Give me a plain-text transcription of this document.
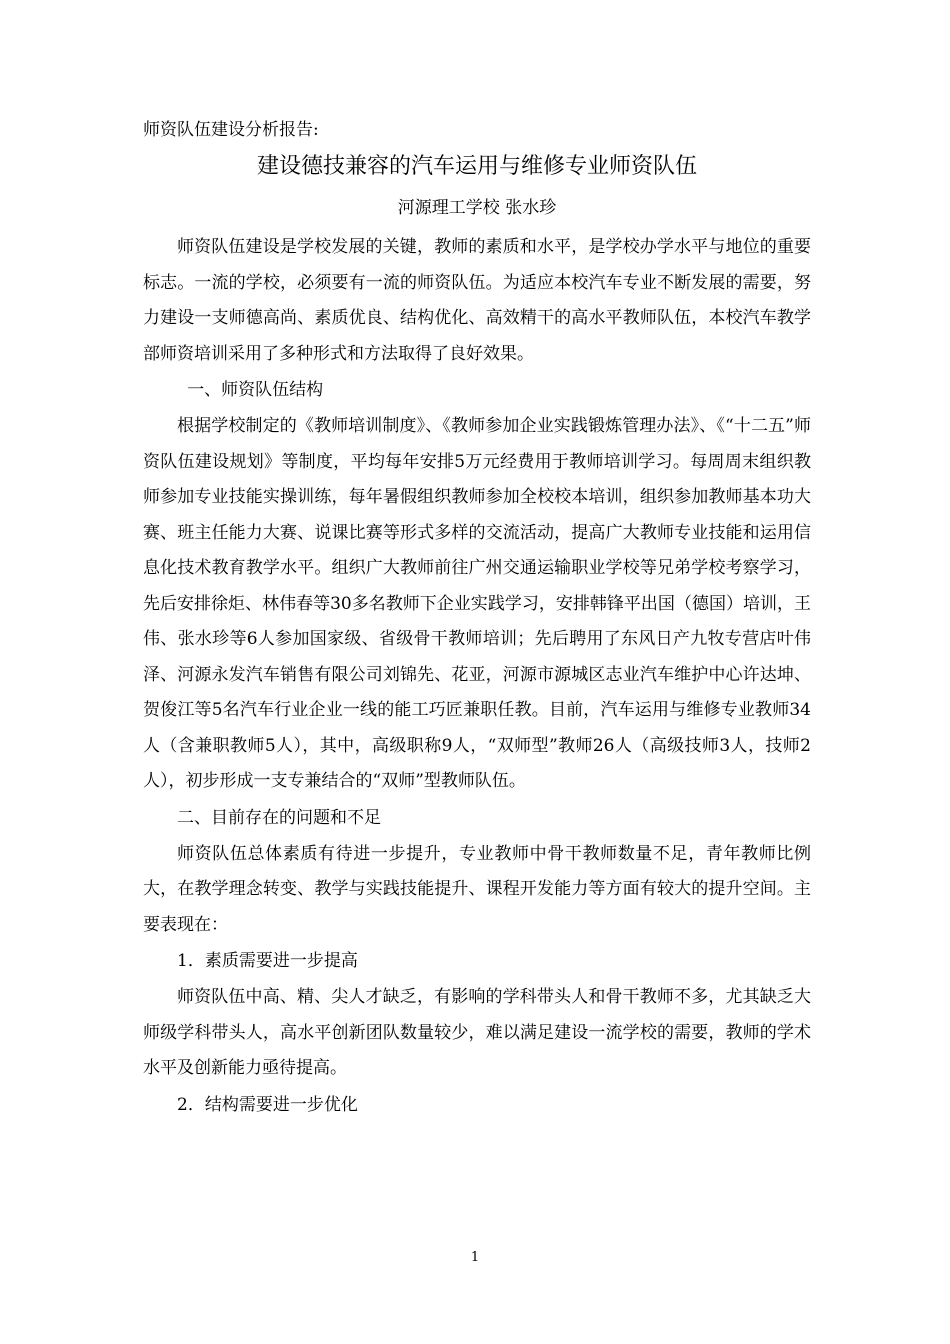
师资队伍建设分析报告:

建设德技兼容的汽车运用与维修专业师资队伍

河源理工学校 张水珍

师资队伍建设是学校发展的关键，教师的素质和水平，是学校办学水平与地位的重要标志。一流的学校，必须要有一流的师资队伍。为适应本校汽车专业不断发展的需要，努力建设一支师德高尚、素质优良、结构优化、高效精干的高水平教师队伍，本校汽车教学部师资培训采用了多种形式和方法取得了良好效果。

一、师资队伍结构

根据学校制定的《教师培训制度》、《教师参加企业实践锻炼管理办法》、《“十二五”师资队伍建设规划》等制度，平均每年安排5万元经费用于教师培训学习。每周周末组织教师参加专业技能实操训练，每年暑假组织教师参加全校校本培训，组织参加教师基本功大赛、班主任能力大赛、说课比赛等形式多样的交流活动，提高广大教师专业技能和运用信息化技术教育教学水平。组织广大教师前往广州交通运输职业学校等兄弟学校考察学习，先后安排徐炬、林伟春等30多名教师下企业实践学习，安排韩锋平出国（德国）培训，王伟、张水珍等6人参加国家级、省级骨干教师培训；先后聘用了东风日产九牧专营店叶伟泽、河源永发汽车销售有限公司刘锦先、花亚，河源市源城区志业汽车维护中心许达坤、贺俊江等5名汽车行业企业一线的能工巧匠兼职任教。目前，汽车运用与维修专业教师34人（含兼职教师5人），其中，高级职称9人，“双师型”教师26人（高级技师3人，技师2人），初步形成一支专兼结合的“双师”型教师队伍。

二、目前存在的问题和不足

师资队伍总体素质有待进一步提升，专业教师中骨干教师数量不足，青年教师比例大，在教学理念转变、教学与实践技能提升、课程开发能力等方面有较大的提升空间。主要表现在：

1．素质需要进一步提高

师资队伍中高、精、尖人才缺乏，有影响的学科带头人和骨干教师不多，尤其缺乏大师级学科带头人，高水平创新团队数量较少，难以满足建设一流学校的需要，教师的学术水平及创新能力亟待提高。

2．结构需要进一步优化

1
